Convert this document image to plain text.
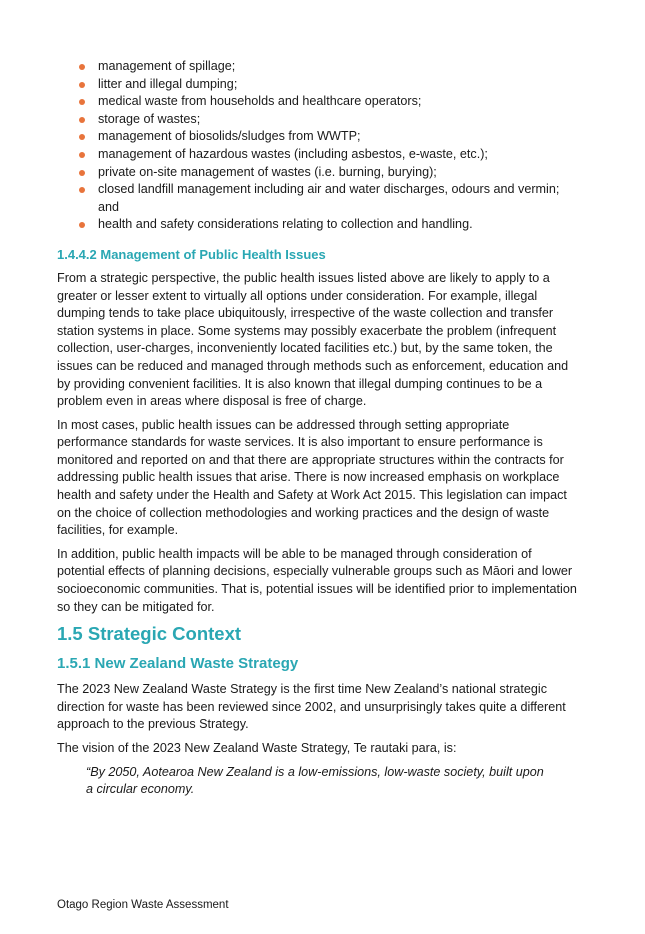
management of spillage;
litter and illegal dumping;
medical waste from households and healthcare operators;
storage of wastes;
management of biosolids/sludges from WWTP;
management of hazardous wastes (including asbestos, e-waste, etc.);
private on-site management of wastes (i.e. burning, burying);
closed landfill management including air and water discharges, odours and vermin; and
health and safety considerations relating to collection and handling.
1.4.4.2 Management of Public Health Issues

From a strategic perspective, the public health issues listed above are likely to apply to a greater or lesser extent to virtually all options under consideration. For example, illegal dumping tends to take place ubiquitously, irrespective of the waste collection and transfer station systems in place. Some systems may possibly exacerbate the problem (infrequent collection, user-charges, inconveniently located facilities etc.) but, by the same token, the issues can be reduced and managed through methods such as enforcement, education and by providing convenient facilities. It is also known that illegal dumping continues to be a problem even in areas where disposal is free of charge.

In most cases, public health issues can be addressed through setting appropriate performance standards for waste services. It is also important to ensure performance is monitored and reported on and that there are appropriate structures within the contracts for addressing public health issues that arise. There is now increased emphasis on workplace health and safety under the Health and Safety at Work Act 2015. This legislation can impact on the choice of collection methodologies and working practices and the design of waste facilities, for example.

In addition, public health impacts will be able to be managed through consideration of potential effects of planning decisions, especially vulnerable groups such as Māori and lower socioeconomic communities. That is, potential issues will be identified prior to implementation so they can be mitigated for.

1.5 Strategic Context
1.5.1 New Zealand Waste Strategy

The 2023 New Zealand Waste Strategy is the first time New Zealand’s national strategic direction for waste has been reviewed since 2002, and unsurprisingly takes quite a different approach to the previous Strategy.

The vision of the 2023 New Zealand Waste Strategy, Te rautaki para, is:

“By 2050, Aotearoa New Zealand is a low-emissions, low-waste society, built upon a circular economy.

Otago Region Waste Assessment
